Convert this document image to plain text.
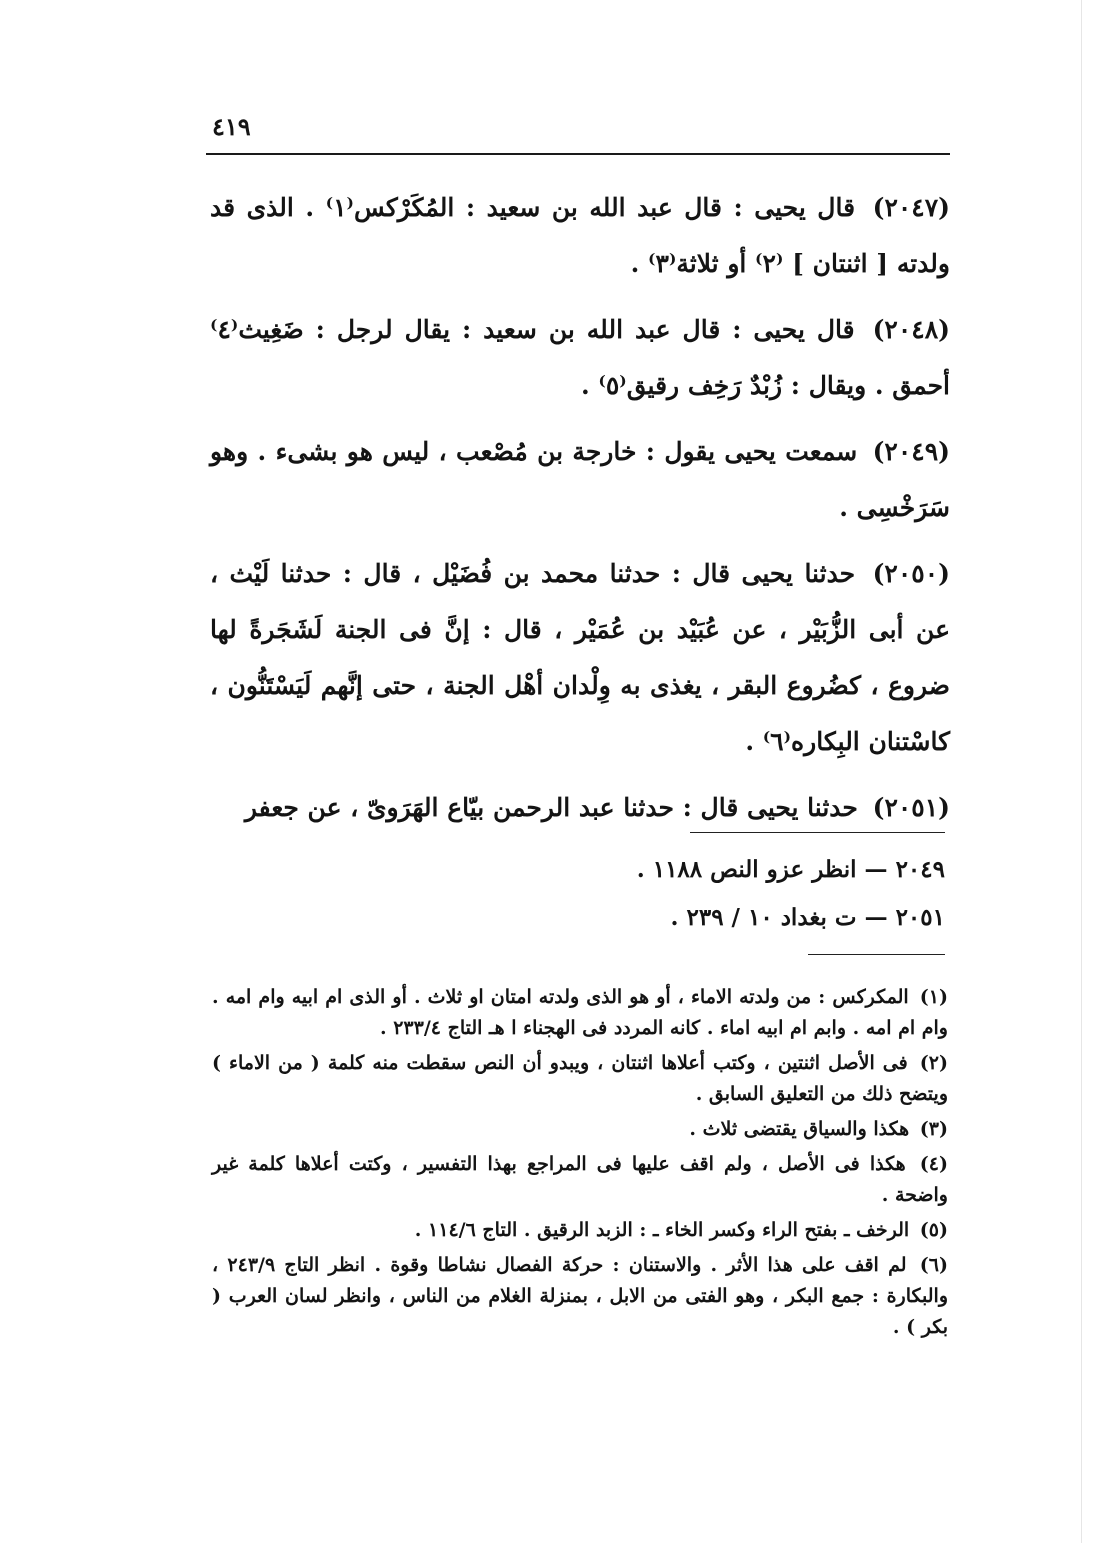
٤١٩

(٢٠٤٧) قال يحيى : قال عبد الله بن سعيد : المُكَرْكس⁽١⁾ . الذى قد ولدته [ اثنتان ] ⁽٢⁾ أو ثلاثة⁽٣⁾ .

(٢٠٤٨) قال يحيى : قال عبد الله بن سعيد : يقال لرجل : ضَغِيث⁽٤⁾ أحمق . ويقال : زُبْدٌ رَخِف رقيق⁽٥⁾ .

(٢٠٤٩) سمعت يحيى يقول : خارجة بن مُصْعب ، ليس هو بشىء . وهو سَرَخْسِى .

(٢٠٥٠) حدثنا يحيى قال : حدثنا محمد بن فُضَيْل ، قال : حدثنا لَيْث ، عن أبى الزُّبَيْر ، عن عُبَيْد بن عُمَيْر ، قال : إنَّ فى الجنة لَشَجَرةً لها ضروع ، كضُروع البقر ، يغذى به وِلْدان أهْل الجنة ، حتى إنَّهم لَيَسْتَنُّون ، كاسْتنان البِكاره⁽٦⁾ .

(٢٠٥١) حدثنا يحيى قال : حدثنا عبد الرحمن بيّاع الهَرَوىّ ، عن جعفر

٢٠٤٩ — انظر عزو النص ١١٨٨ .
٢٠٥١ — ت بغداد ١٠ / ٢٣٩ .

(١) المكركس : من ولدته الاماء ، أو هو الذى ولدته امتان او ثلاث . أو الذى ام ابيه وام امه . وام ام امه . وابم ام ابيه اماء . كانه المردد فى الهجناء ا هـ التاج ٢٣٣/٤ .

(٢) فى الأصل اثنتين ، وكتب أعلاها اثنتان ، ويبدو أن النص سقطت منه كلمة ( من الاماء ) ويتضح ذلك من التعليق السابق .

(٣) هكذا والسياق يقتضى ثلاث .

(٤) هكذا فى الأصل ، ولم اقف عليها فى المراجع بهذا التفسير ، وكتت أعلاها كلمة غير واضحة .

(٥) الرخف ـ بفتح الراء وكسر الخاء ـ : الزبد الرقيق . التاج ١١٤/٦ .

(٦) لم اقف على هذا الأثر . والاستنان : حركة الفصال نشاطا وقوة . انظر التاج ٢٤٣/٩ ، والبكارة : جمع البكر ، وهو الفتى من الابل ، بمنزلة الغلام من الناس ، وانظر لسان العرب ( بكر ) .
